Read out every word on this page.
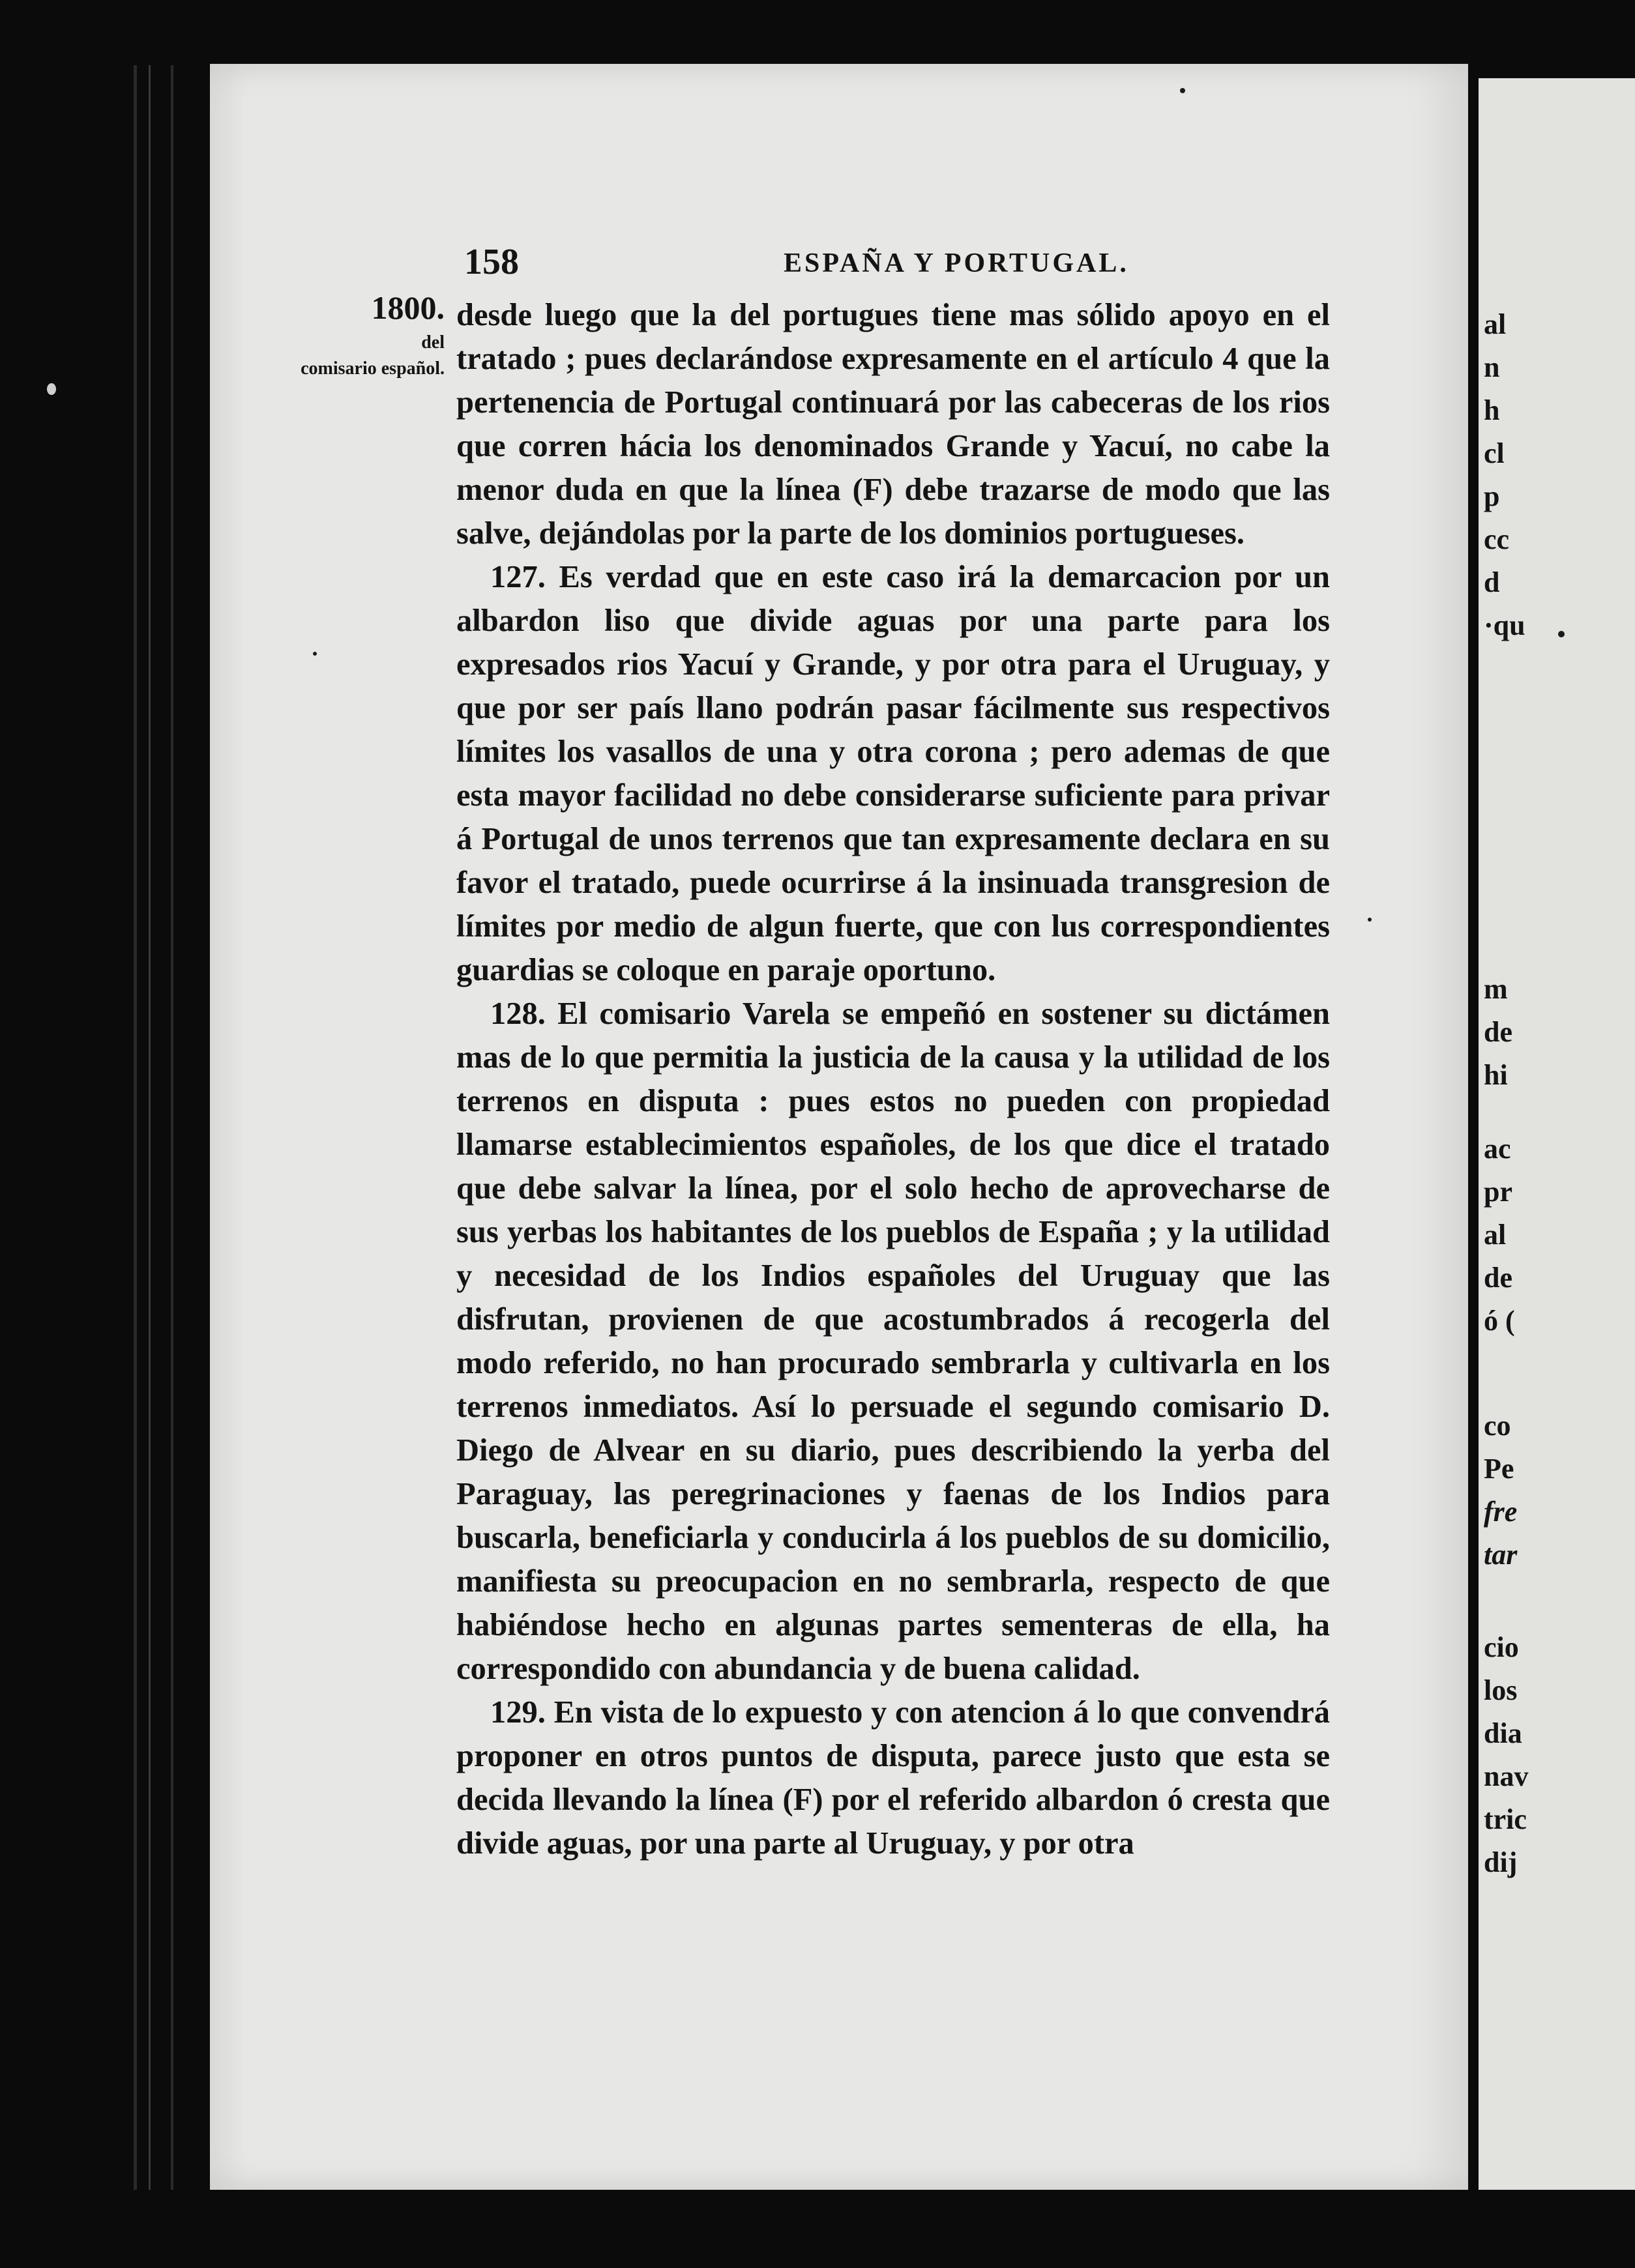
158	ESPAÑA Y PORTUGAL.
1800.
del
comisario español.

desde luego que la del portugues tiene mas sólido apoyo en el tratado ; pues declarándose expresamente en el artículo 4 que la pertenencia de Portugal continuará por las cabeceras de los rios que corren hácia los denominados Grande y Yacuí, no cabe la menor duda en que la línea (F) debe trazarse de modo que las salve, dejándolas por la parte de los dominios portugueses.

127. Es verdad que en este caso irá la demarcacion por un albardon liso que divide aguas por una parte para los expresados rios Yacuí y Grande, y por otra para el Uruguay, y que por ser país llano podrán pasar fácilmente sus respectivos límites los vasallos de una y otra corona ; pero ademas de que esta mayor facilidad no debe considerarse suficiente para privar á Portugal de unos terrenos que tan expresamente declara en su favor el tratado, puede ocurrirse á la insinuada transgresion de límites por medio de algun fuerte, que con lus correspondientes guardias se coloque en paraje oportuno.

128. El comisario Varela se empeñó en sostener su dictámen mas de lo que permitia la justicia de la causa y la utilidad de los terrenos en disputa : pues estos no pueden con propiedad llamarse establecimientos españoles, de los que dice el tratado que debe salvar la línea, por el solo hecho de aprovecharse de sus yerbas los habitantes de los pueblos de España ; y la utilidad y necesidad de los Indios españoles del Uruguay que las disfrutan, provienen de que acostumbrados á recogerla del modo referido, no han procurado sembrarla y cultivarla en los terrenos inmediatos. Así lo persuade el segundo comisario D. Diego de Alvear en su diario, pues describiendo la yerba del Paraguay, las peregrinaciones y faenas de los Indios para buscarla, beneficiarla y conducirla á los pueblos de su domicilio, manifiesta su preocupacion en no sembrarla, respecto de que habiéndose hecho en algunas partes sementeras de ella, ha correspondido con abundancia y de buena calidad.

129. En vista de lo expuesto y con atencion á lo que convendrá proponer en otros puntos de disputa, parece justo que esta se decida llevando la línea (F) por el referido albardon ó cresta que divide aguas, por una parte al Uruguay, y por otra

al
n
h
cl
p
cc
d
·qu
m
de
hi
ac
pr
al
de
ó (
co
Pe
fre
tar
cio
los
dia
nav
tric
dij
